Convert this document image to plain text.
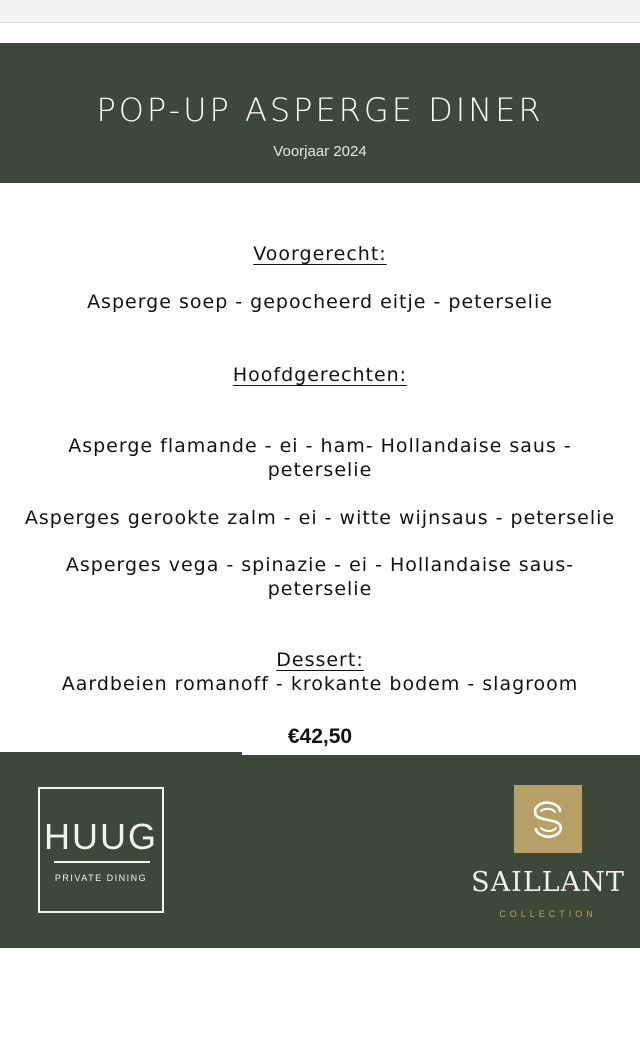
POP-UP ASPERGE DINER
Voorjaar 2024
Voorgerecht:
Asperge soep - gepocheerd eitje - peterselie
Hoofdgerechten:
Asperge flamande - ei - ham- Hollandaise saus -
peterselie
Asperges gerookte zalm - ei - witte wijnsaus - peterselie
Asperges vega - spinazie - ei - Hollandaise saus-
peterselie
Dessert:
Aardbeien romanoff - krokante bodem - slagroom
€42,50
HUUG
PRIVATE DINING	SAILLANT
COLLECTION
